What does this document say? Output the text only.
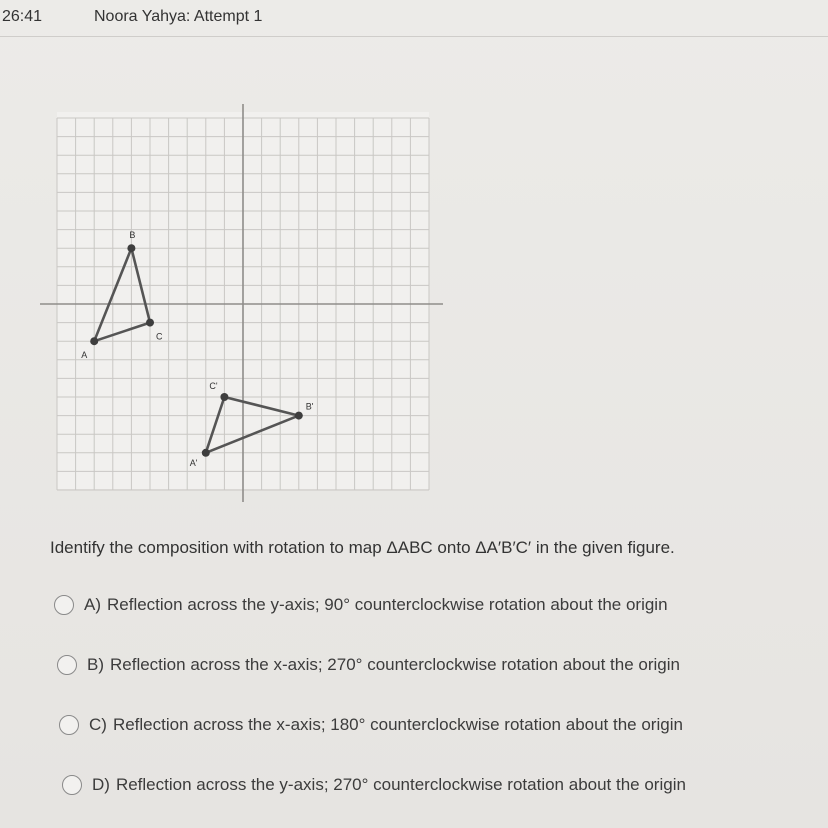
26:41	Noora Yahya: Attempt 1
A
B
C
A'
B'
C'
Identify the composition with rotation to map ΔABC onto ΔA′B′C′ in the given figure.
A) Reflection across the y-axis; 90° counterclockwise rotation about the origin
B) Reflection across the x-axis; 270° counterclockwise rotation about the origin
C) Reflection across the x-axis; 180° counterclockwise rotation about the origin
D) Reflection across the y-axis; 270° counterclockwise rotation about the origin
